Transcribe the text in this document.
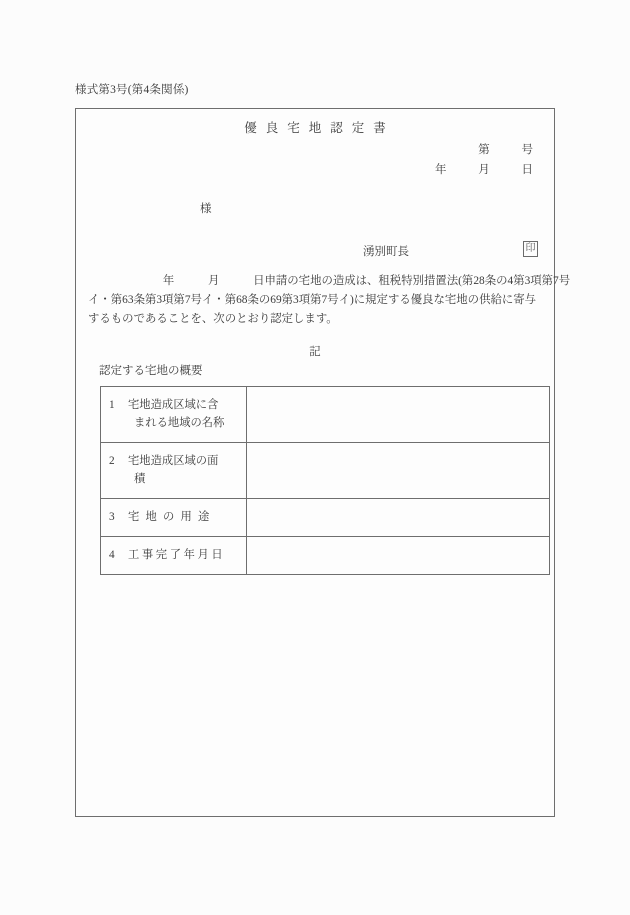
様式第3号(第4条関係)
優良宅地認定書
第	号
年	月	日
様
湧別町長	印

年	月	日申請の宅地の造成は、租税特別措置法(第28条の4第3項第7号
イ・第63条第3項第7号イ・第68条の69第3項第7号イ)に規定する優良な宅地の供給に寄与
するものであることを、次のとおり認定します。

記
認定する宅地の概要
1 宅地造成区域に含
まれる地域の名称	

2 宅地造成区域の面
積	

3 宅地の用途	
4 工事完了年月日	
